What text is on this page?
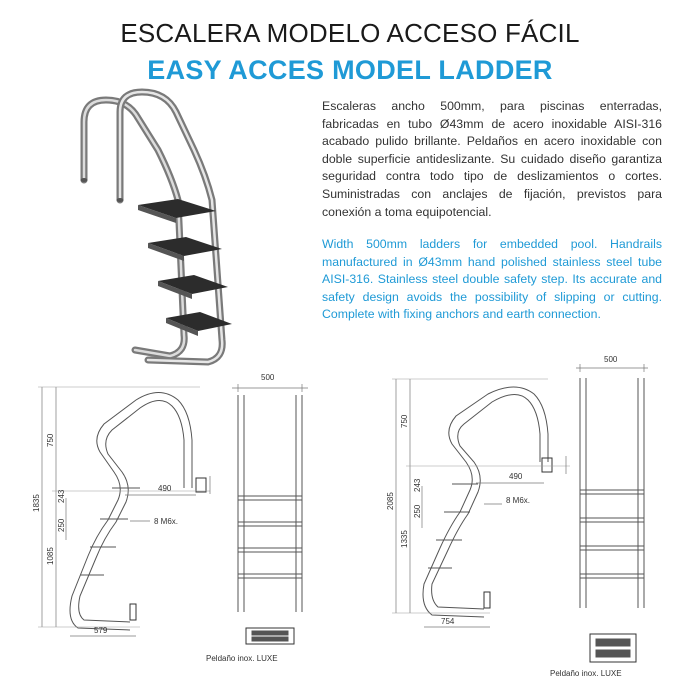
ESCALERA MODELO ACCESO FÁCIL
EASY ACCES MODEL LADDER
Escaleras ancho 500mm, para piscinas enterradas, fabricadas en tubo Ø43mm de acero inoxidable AISI-316 acabado pulido brillante. Peldaños en acero inoxidable con doble superficie antideslizante. Su cuidado diseño garantiza seguridad contra todo tipo de deslizamientos o cortes. Suministradas con anclajes de fijación, previstos para conexión a toma equipotencial.
Width 500mm ladders for embedded pool. Handrails manufactured in Ø43mm hand polished stainless steel tube AISI-316. Stainless steel double safety step. Its accurate and safety design avoids the possibility of slipping or cutting. Complete with fixing anchors and earth connection.
1835
750
1085
243
250
490
8 M6x.
579
500
Peldaño inox. LUXE
2085
750
1335
243
250
490
8 M6x.
754
500
Peldaño inox. LUXE
